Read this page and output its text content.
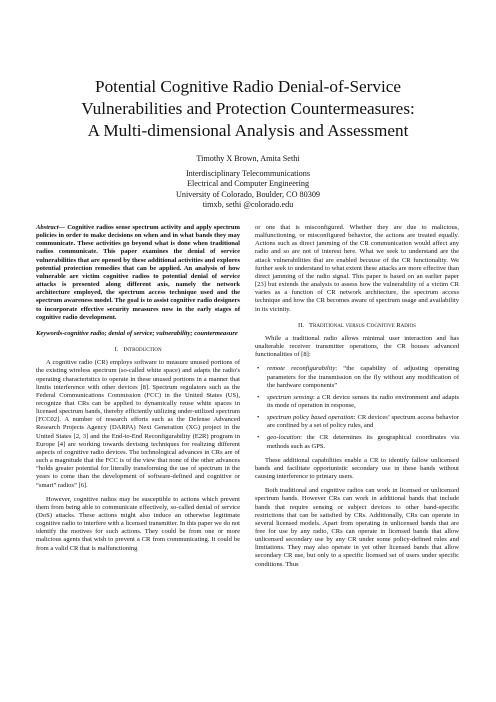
Potential Cognitive Radio Denial-of-Service
Vulnerabilities and Protection Countermeasures:
A Multi-dimensional Analysis and Assessment
Timothy X Brown, Amita Sethi
Interdisciplinary Telecommunications
Electrical and Computer Engineering
University of Colorado, Boulder, CO 80309
timxb, sethi @colorado.edu

Abstract— Cognitive radios sense spectrum activity and apply spectrum policies in order to make decisions on when and in what bands they may communicate. These activities go beyond what is done when traditional radios communicate. This paper examines the denial of service vulnerabilities that are opened by these additional activities and explores potential protection remedies that can be applied. An analysis of how vulnerable are victim cognitive radios to potential denial of service attacks is presented along different axis, namely the network architecture employed, the spectrum access technique used and the spectrum awareness model. The goal is to assist cognitive radio designers to incorporate effective security measures now in the early stages of cognitive radio development.

Keywords-cognitive radio; denial of service; vulnerability; countermeasure

I. Introduction

A cognitive radio (CR) employs software to measure unused portions of the existing wireless spectrum (so-called white space) and adapts the radio's operating characteristics to operate in these unused portions in a manner that limits interference with other devices [8]. Spectrum regulators such as the Federal Communications Commission (FCC) in the United States (US), recognize that CRs can be applied to dynamically reuse white spaces in licensed spectrum bands, thereby efficiently utilizing under-utilized spectrum [FCC02]. A number of research efforts such as the Defense Advanced Research Projects Agency (DARPA) Next Generation (XG) project in the United States [2, 3] and the End-to-End Reconfigurability (E2R) program in Europe [4] are working towards devising techniques for realizing different aspects of cognitive radio devices. The technological advances in CRs are of such a magnitude that the FCC is of the view that none of the other advances “holds greater potential for literally transforming the use of spectrum in the years to come than the development of software-defined and cognitive or “smart” radios” [6].

However, cognitive radios may be susceptible to actions which prevent them from being able to communicate effectively, so-called denial of service (DoS) attacks. These actions might also induce an otherwise legitimate cognitive radio to interfere with a licensed transmitter. In this paper we do not identify the motives for such actions. They could be from one or more malicious agents that wish to prevent a CR from communicating. It could be from a valid CR that is malfunctioning

or one that is misconfigured. Whether they are due to malicious, malfunctioning, or misconfigured behavior, the actions are treated equally. Actions such as direct jamming of the CR communication would affect any radio and so are not of interest here. What we seek to understand are the attack vulnerabilities that are enabled because of the CR functionality. We further seek to understand to what extent these attacks are more effective than direct jamming of the radio signal. This paper is based on an earlier paper [23] but extends the analysis to assess how the vulnerability of a victim CR varies as a function of CR network architecture, the spectrum access technique and how the CR becomes aware of spectrum usage and availability in its vicinity.

II. Traditional versus Cognitive Radios

While a traditional radio allows minimal user interaction and has unalterable receiver transmitter operations, the CR bouses advanced functionalities of [8]:

• remote reconfigurability: “the capability of adjusting operating parameters for the transmission on the fly without any modification of the hardware components”
• spectrum sensing: a CR device senses its radio environment and adapts its mode of operation in response,
• spectrum policy based operation: CR devices’ spectrum access behavior are confined by a set of policy rules, and
• geo-location: the CR determines its geographical coordinates via methods such as GPS.

These additional capabilities enable a CR to identify fallow unlicensed bands and facilitate opportunistic secondary use in these bands without causing interference to primary users.

Both traditional and cognitive radios can work in licensed or unlicensed spectrum bands. However CRs can work in additional bands that include bands that require sensing or subject devices to other band-specific restrictions that can be satisfied by CRs. Additionally, CRs can operate in several licensed models. Apart from operating in unlicensed bands that are free for use by any radio, CRs can operate in licensed bands that allow unlicensed secondary use by any CR under some policy-defined rules and limitations. They may also operate in yet other licensed bands that allow secondary CR use, but only to a specific licensed set of users under specific conditions. Thus
